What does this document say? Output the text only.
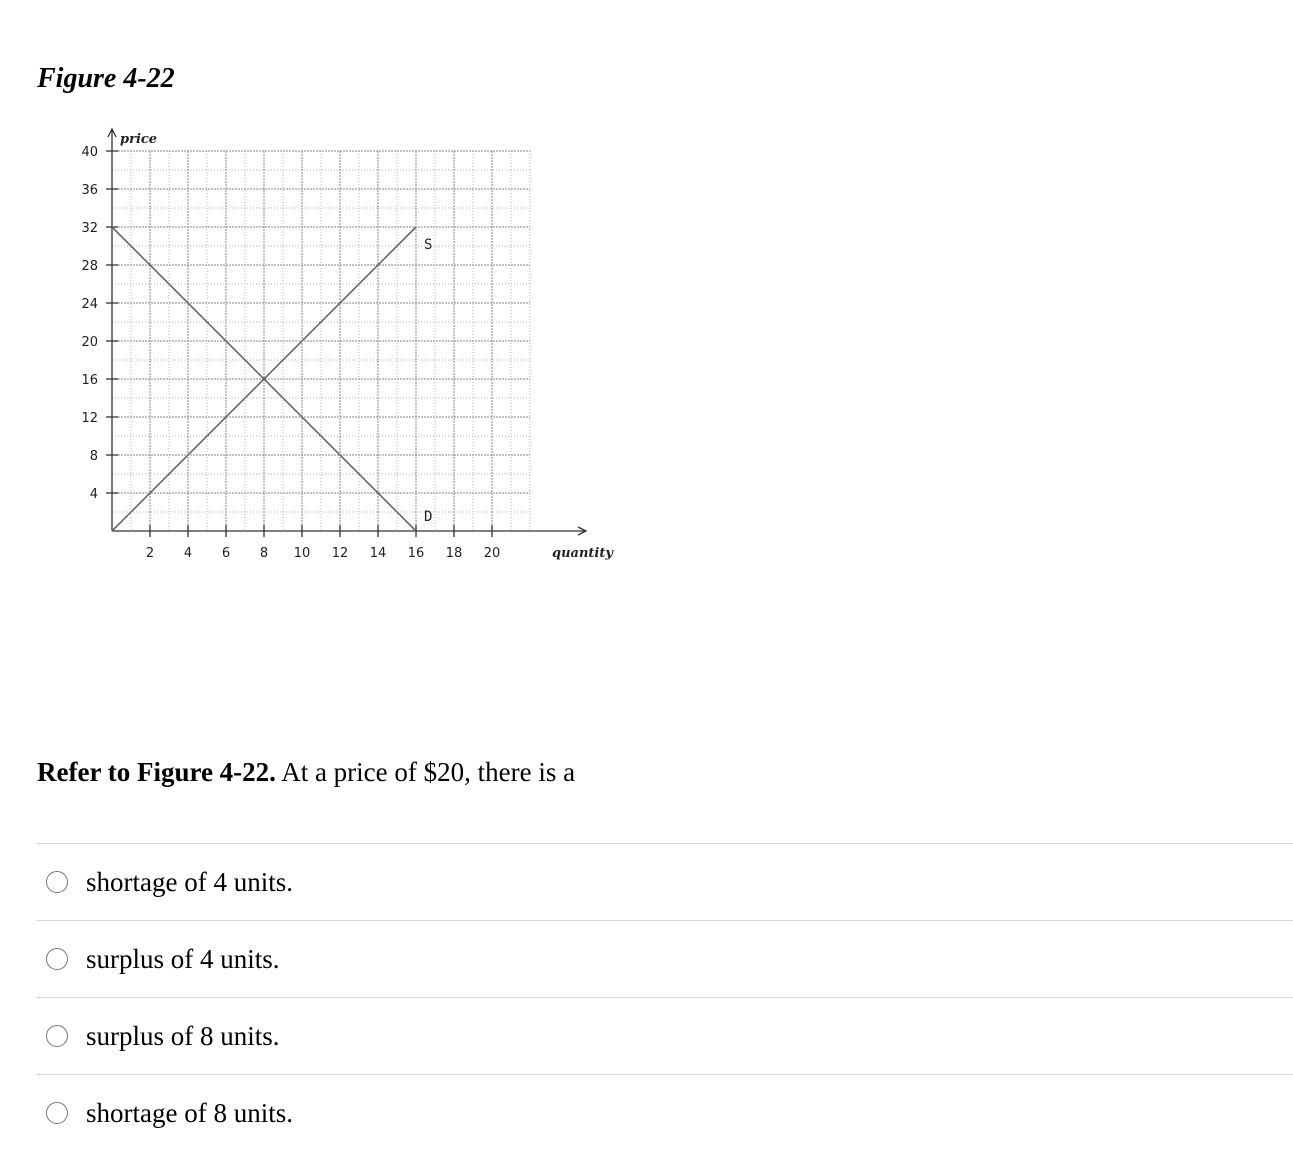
Figure 4-22
2 4 6 8 10 12 14 16 18 20
4
8
12
16
20
24
28
32
36
40
quantity
price
S
D

Refer to Figure 4-22. At a price of $20, there is a

shortage of 4 units.
surplus of 4 units.
surplus of 8 units.
shortage of 8 units.
